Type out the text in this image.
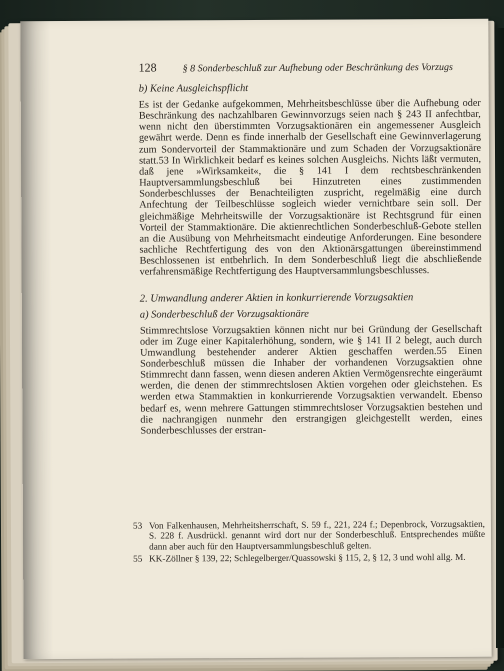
128	§ 8 Sonderbeschluß zur Aufhebung oder Beschränkung des Vorzugs

b) Keine Ausgleichspflicht

Es ist der Gedanke aufgekommen, Mehrheitsbeschlüsse über die Aufhebung oder Beschränkung des nachzahlbaren Gewinnvorzugs seien nach § 243 II anfechtbar, wenn nicht den überstimmten Vorzugsaktionären ein angemessener Ausgleich gewährt werde. Denn es finde innerhalb der Gesellschaft eine Gewinnverlagerung zum Sondervorteil der Stammaktionäre und zum Schaden der Vorzugsaktionäre statt.53 In Wirklichkeit bedarf es keines solchen Ausgleichs. Nichts läßt vermuten, daß jene »Wirksamkeit«, die § 141 I dem rechtsbeschränkenden Hauptversammlungsbeschluß bei Hinzutreten eines zustimmenden Sonderbeschlusses der Benachteiligten zuspricht, regelmäßig eine durch Anfechtung der Teilbeschlüsse sogleich wieder vernichtbare sein soll. Der gleichmäßige Mehrheitswille der Vorzugsaktionäre ist Rechtsgrund für einen Vorteil der Stammaktionäre. Die aktienrechtlichen Sonderbeschluß-Gebote stellen an die Ausübung von Mehrheitsmacht eindeutige Anforderungen. Eine besondere sachliche Rechtfertigung des von den Aktionärsgattungen übereinstimmend Beschlossenen ist entbehrlich. In dem Sonderbeschluß liegt die abschließende verfahrensmäßige Rechtfertigung des Hauptversammlungsbeschlusses.

2. Umwandlung anderer Aktien in konkurrierende Vorzugsaktien

a) Sonderbeschluß der Vorzugsaktionäre

Stimmrechtslose Vorzugsaktien können nicht nur bei Gründung der Gesellschaft oder im Zuge einer Kapitalerhöhung, sondern, wie § 141 II 2 belegt, auch durch Umwandlung bestehender anderer Aktien geschaffen werden.55 Einen Sonderbeschluß müssen die Inhaber der vorhandenen Vorzugsaktien ohne Stimmrecht dann fassen, wenn diesen anderen Aktien Vermögensrechte eingeräumt werden, die denen der stimmrechtslosen Aktien vorgehen oder gleichstehen. Es werden etwa Stammaktien in konkurrierende Vorzugsaktien verwandelt. Ebenso bedarf es, wenn mehrere Gattungen stimmrechtsloser Vorzugsaktien bestehen und die nachrangigen nunmehr den erstrangigen gleichgestellt werden, eines Sonderbeschlusses der erstran-

53 Von Falkenhausen, Mehrheitsherrschaft, S. 59 f., 221, 224 f.; Depenbrock, Vorzugsaktien, S. 228 f. Ausdrückl. genannt wird dort nur der Sonderbeschluß. Entsprechendes müßte dann aber auch für den Hauptversammlungsbeschluß gelten.
55 KK-Zöllner § 139, 22; Schlegelberger/Quassowski § 115, 2, § 12, 3 und wohl allg. M.
